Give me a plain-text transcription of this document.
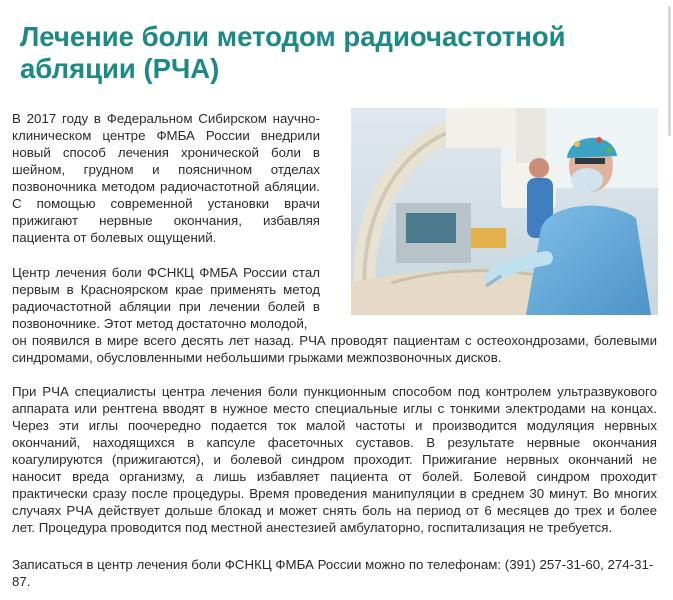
Лечение боли методом радиочастотной абляции (РЧА)

В 2017 году в Федеральном Сибирском научно-клиническом центре ФМБА России внедрили новый способ лечения хронической боли в шейном, грудном и поясничном отделах позвоночника методом радиочастотной абляции. С помощью современной установки врачи прижигают нервные окончания, избавляя пациента от болевых ощущений.

Центр лечения боли ФСНКЦ ФМБА России стал первым в Красноярском крае применять метод радиочастотной абляции при лечении болей в позвоночнике. Этот метод достаточно молодой,

он появился в мире всего десять лет назад. РЧА проводят пациентам с остеохондрозами, болевыми синдромами, обусловленными небольшими грыжами межпозвоночных дисков.

При РЧА специалисты центра лечения боли пункционным способом под контролем ультразвукового аппарата или рентгена вводят в нужное место специальные иглы с тонкими электродами на концах. Через эти иглы поочередно подается ток малой частоты и производится модуляция нервных окончаний, находящихся в капсуле фасеточных суставов. В результате нервные окончания коагулируются (прижигаются), и болевой синдром проходит. Прижигание нервных окончаний не наносит вреда организму, а лишь избавляет пациента от болей. Болевой синдром проходит практически сразу после процедуры. Время проведения манипуляции в среднем 30 минут. Во многих случаях РЧА действует дольше блокад и может снять боль на период от 6 месяцев до трех и более лет. Процедура проводится под местной анестезией амбулаторно, госпитализация не требуется.

Записаться в центр лечения боли ФСНКЦ ФМБА России можно по телефонам: (391) 257-31-60, 274-31-87.
